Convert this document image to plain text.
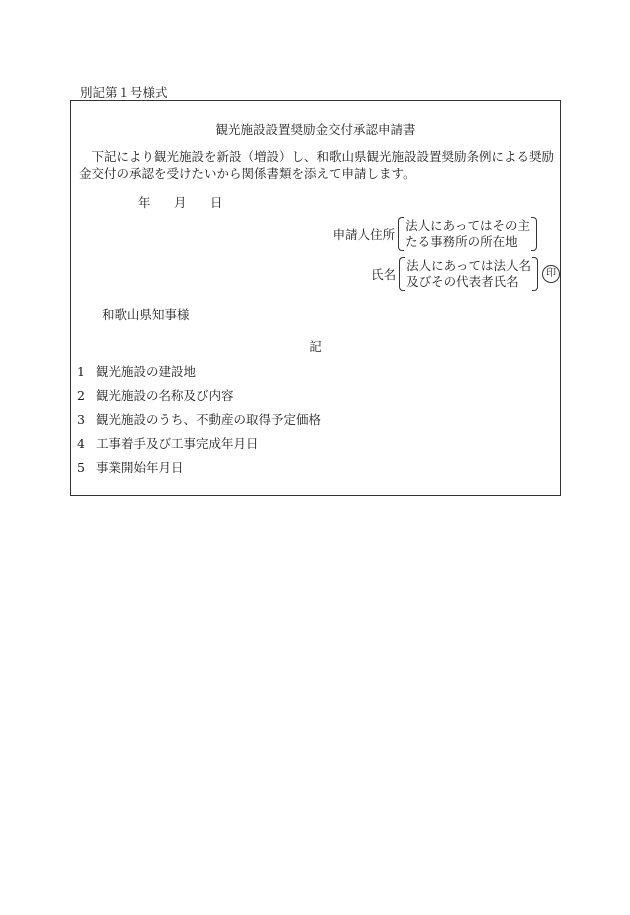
別記第１号様式
観光施設設置奨励金交付承認申請書
下記により観光施設を新設（増設）し、和歌山県観光施設設置奨励条例による奨励金交付の承認を受けたいから関係書類を添えて申請します。
年 月 日
申請人住所
法人にあってはその主
たる事務所の所在地
氏名
法人にあっては法人名
及びその代表者氏名
印
和歌山県知事様
記
1 観光施設の建設地
2 観光施設の名称及び内容
3 観光施設のうち、不動産の取得予定価格
4 工事着手及び工事完成年月日
5 事業開始年月日
